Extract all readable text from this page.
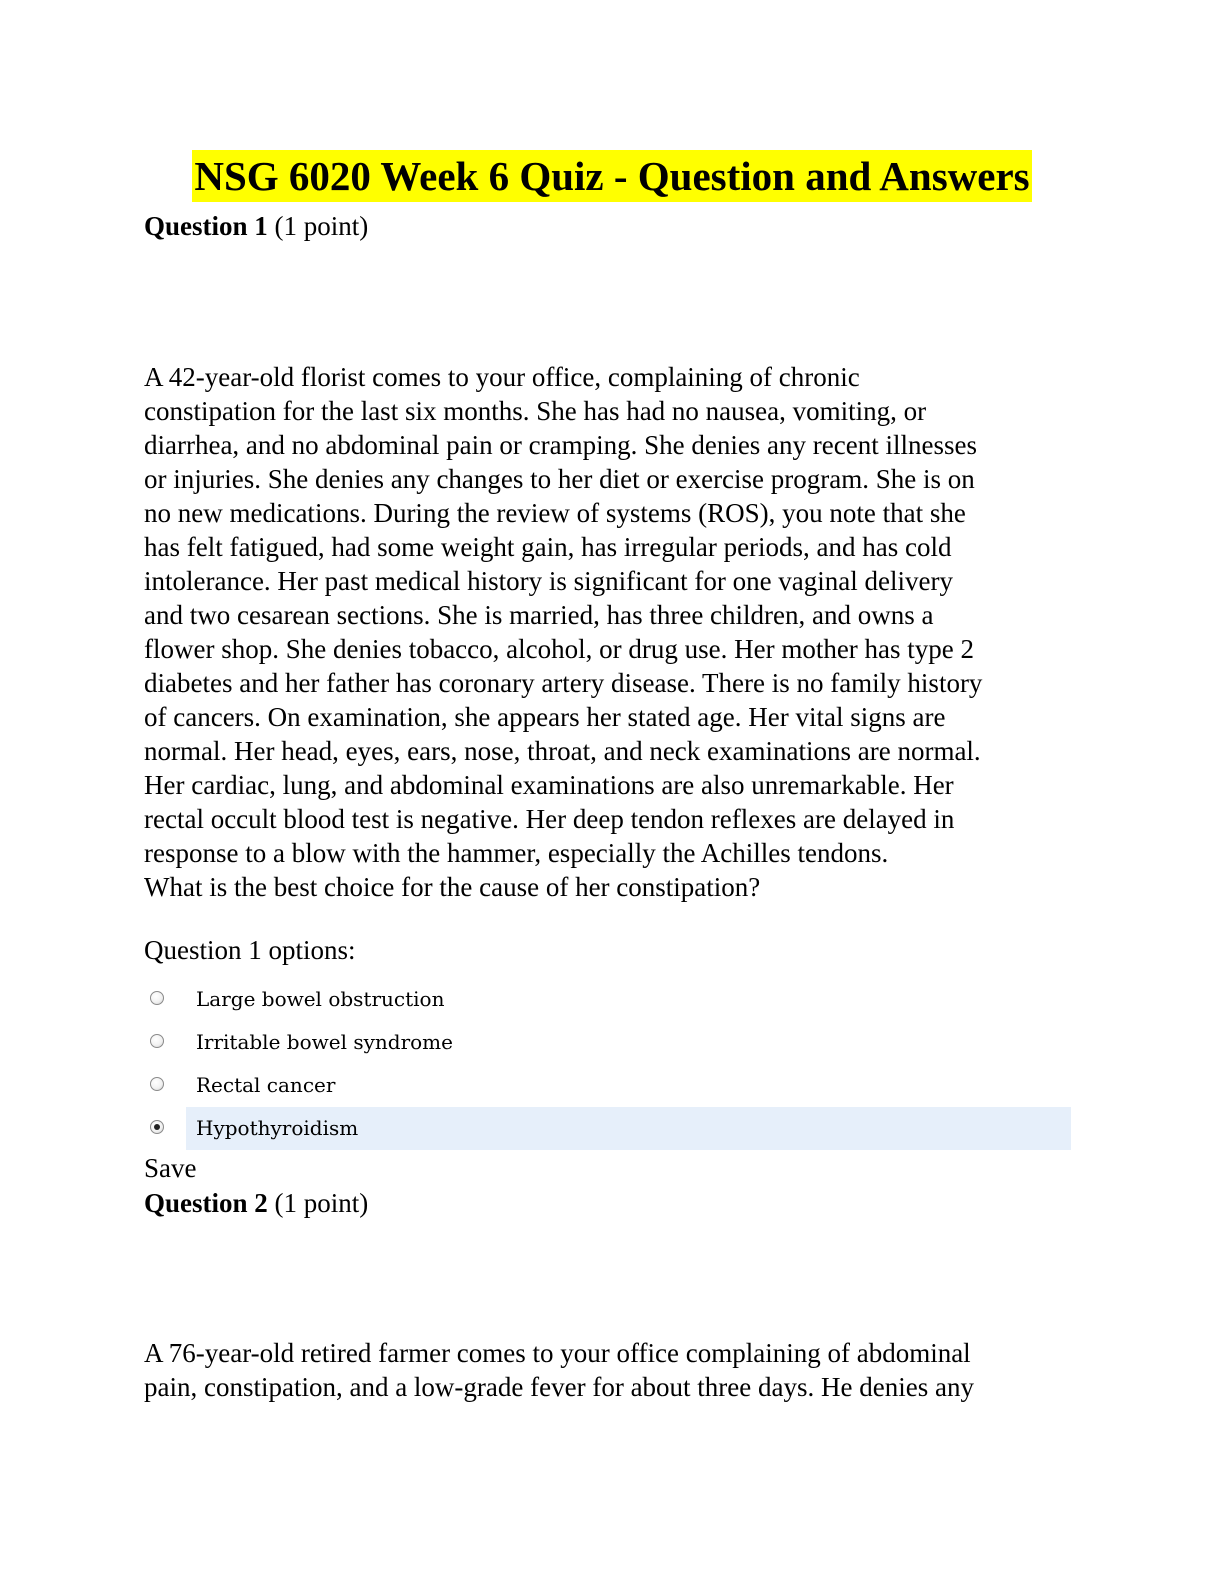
NSG 6020 Week 6 Quiz - Question and Answers
Question 1 (1 point)
A 42-year-old florist comes to your office, complaining of chronic
constipation for the last six months. She has had no nausea, vomiting, or
diarrhea, and no abdominal pain or cramping. She denies any recent illnesses
or injuries. She denies any changes to her diet or exercise program. She is on
no new medications. During the review of systems (ROS), you note that she
has felt fatigued, had some weight gain, has irregular periods, and has cold
intolerance. Her past medical history is significant for one vaginal delivery
and two cesarean sections. She is married, has three children, and owns a
flower shop. She denies tobacco, alcohol, or drug use. Her mother has type 2
diabetes and her father has coronary artery disease. There is no family history
of cancers. On examination, she appears her stated age. Her vital signs are
normal. Her head, eyes, ears, nose, throat, and neck examinations are normal.
Her cardiac, lung, and abdominal examinations are also unremarkable. Her
rectal occult blood test is negative. Her deep tendon reflexes are delayed in
response to a blow with the hammer, especially the Achilles tendons.
What is the best choice for the cause of her constipation?
Question 1 options:
Large bowel obstruction
Irritable bowel syndrome
Rectal cancer
Hypothyroidism
Save
Question 2 (1 point)
A 76-year-old retired farmer comes to your office complaining of abdominal
pain, constipation, and a low-grade fever for about three days. He denies any
